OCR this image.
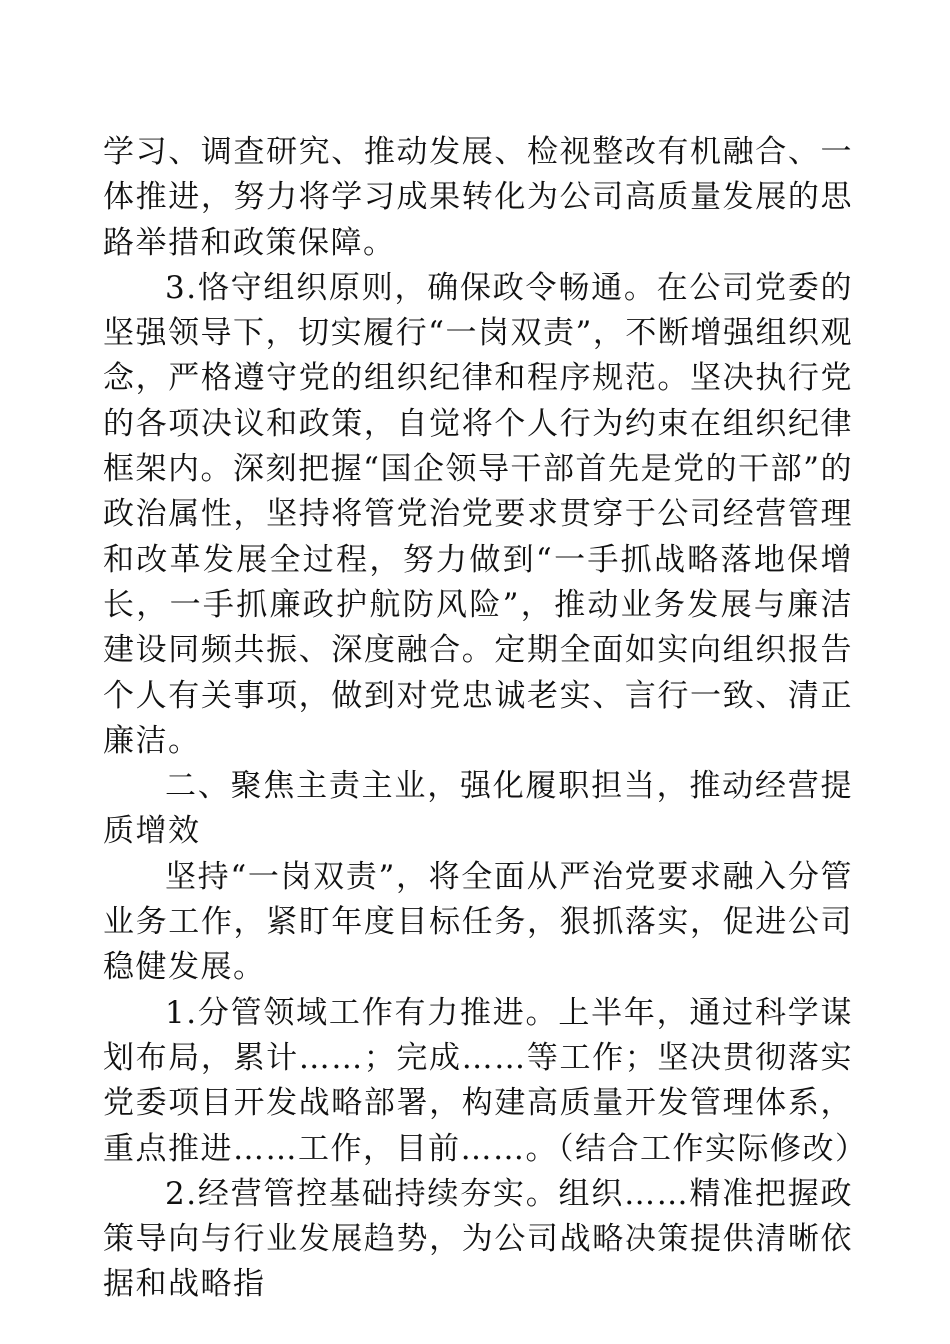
学习、调查研究、推动发展、检视整改有机融合、一体推进，努力将学习成果转化为公司高质量发展的思路举措和政策保障。

3.恪守组织原则，确保政令畅通。在公司党委的坚强领导下，切实履行“一岗双责”，不断增强组织观念，严格遵守党的组织纪律和程序规范。坚决执行党的各项决议和政策，自觉将个人行为约束在组织纪律框架内。深刻把握“国企领导干部首先是党的干部”的政治属性，坚持将管党治党要求贯穿于公司经营管理和改革发展全过程，努力做到“一手抓战略落地保增长，一手抓廉政护航防风险”，推动业务发展与廉洁建设同频共振、深度融合。定期全面如实向组织报告个人有关事项，做到对党忠诚老实、言行一致、清正廉洁。

二、聚焦主责主业，强化履职担当，推动经营提质增效

坚持“一岗双责”，将全面从严治党要求融入分管业务工作，紧盯年度目标任务，狠抓落实，促进公司稳健发展。

1.分管领域工作有力推进。上半年，通过科学谋划布局，累计……；完成……等工作；坚决贯彻落实党委项目开发战略部署，构建高质量开发管理体系，重点推进……工作，目前……。（结合工作实际修改）

2.经营管控基础持续夯实。组织……精准把握政策导向与行业发展趋势，为公司战略决策提供清晰依据和战略指
